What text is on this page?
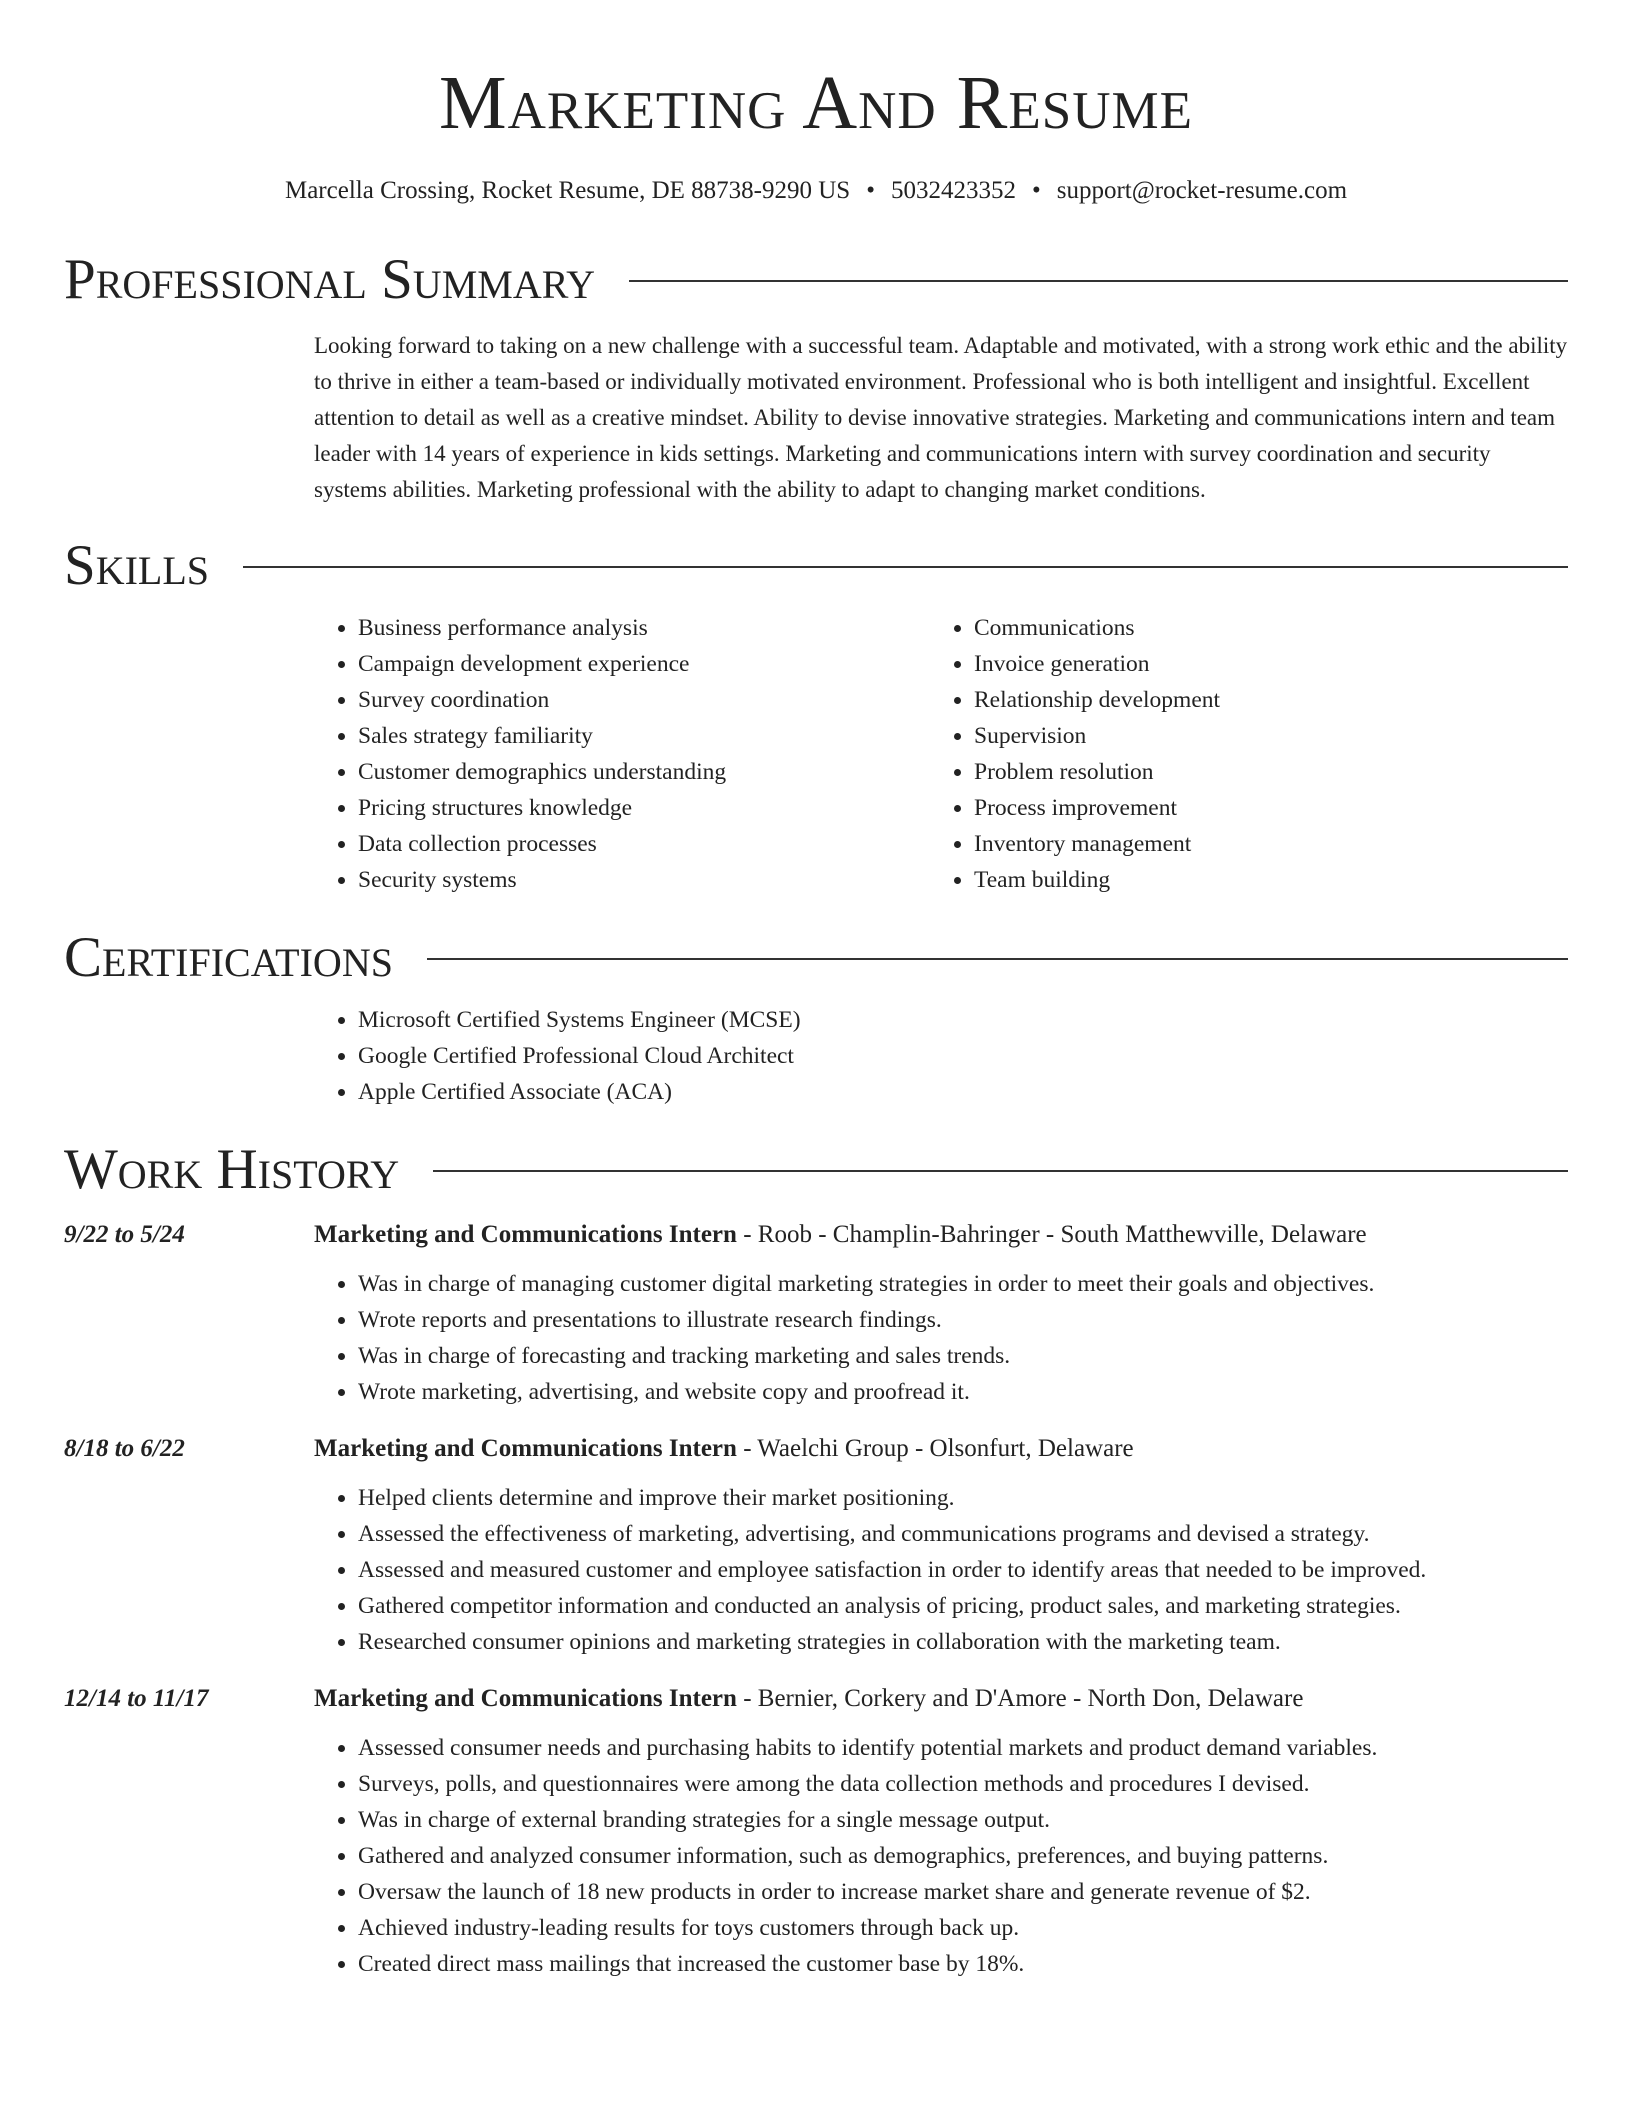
Marketing And Resume
Marcella Crossing, Rocket Resume, DE 88738-9290 US • 5032423352 • support@rocket-resume.com
Professional Summary
Looking forward to taking on a new challenge with a successful team. Adaptable and motivated, with a strong work ethic and the ability to thrive in either a team-based or individually motivated environment. Professional who is both intelligent and insightful. Excellent attention to detail as well as a creative mindset. Ability to devise innovative strategies. Marketing and communications intern and team leader with 14 years of experience in kids settings. Marketing and communications intern with survey coordination and security systems abilities. Marketing professional with the ability to adapt to changing market conditions.
Skills
• Business performance analysis
• Campaign development experience
• Survey coordination
• Sales strategy familiarity
• Customer demographics understanding
• Pricing structures knowledge
• Data collection processes
• Security systems
• Communications
• Invoice generation
• Relationship development
• Supervision
• Problem resolution
• Process improvement
• Inventory management
• Team building
Certifications
• Microsoft Certified Systems Engineer (MCSE)
• Google Certified Professional Cloud Architect
• Apple Certified Associate (ACA)
Work History
9/22 to 5/24	Marketing and Communications Intern - Roob - Champlin-Bahringer - South Matthewville, Delaware
• Was in charge of managing customer digital marketing strategies in order to meet their goals and objectives.
• Wrote reports and presentations to illustrate research findings.
• Was in charge of forecasting and tracking marketing and sales trends.
• Wrote marketing, advertising, and website copy and proofread it.
8/18 to 6/22	Marketing and Communications Intern - Waelchi Group - Olsonfurt, Delaware
• Helped clients determine and improve their market positioning.
• Assessed the effectiveness of marketing, advertising, and communications programs and devised a strategy.
• Assessed and measured customer and employee satisfaction in order to identify areas that needed to be improved.
• Gathered competitor information and conducted an analysis of pricing, product sales, and marketing strategies.
• Researched consumer opinions and marketing strategies in collaboration with the marketing team.
12/14 to 11/17	Marketing and Communications Intern - Bernier, Corkery and D'Amore - North Don, Delaware
• Assessed consumer needs and purchasing habits to identify potential markets and product demand variables.
• Surveys, polls, and questionnaires were among the data collection methods and procedures I devised.
• Was in charge of external branding strategies for a single message output.
• Gathered and analyzed consumer information, such as demographics, preferences, and buying patterns.
• Oversaw the launch of 18 new products in order to increase market share and generate revenue of $2.
• Achieved industry-leading results for toys customers through back up.
• Created direct mass mailings that increased the customer base by 18%.
